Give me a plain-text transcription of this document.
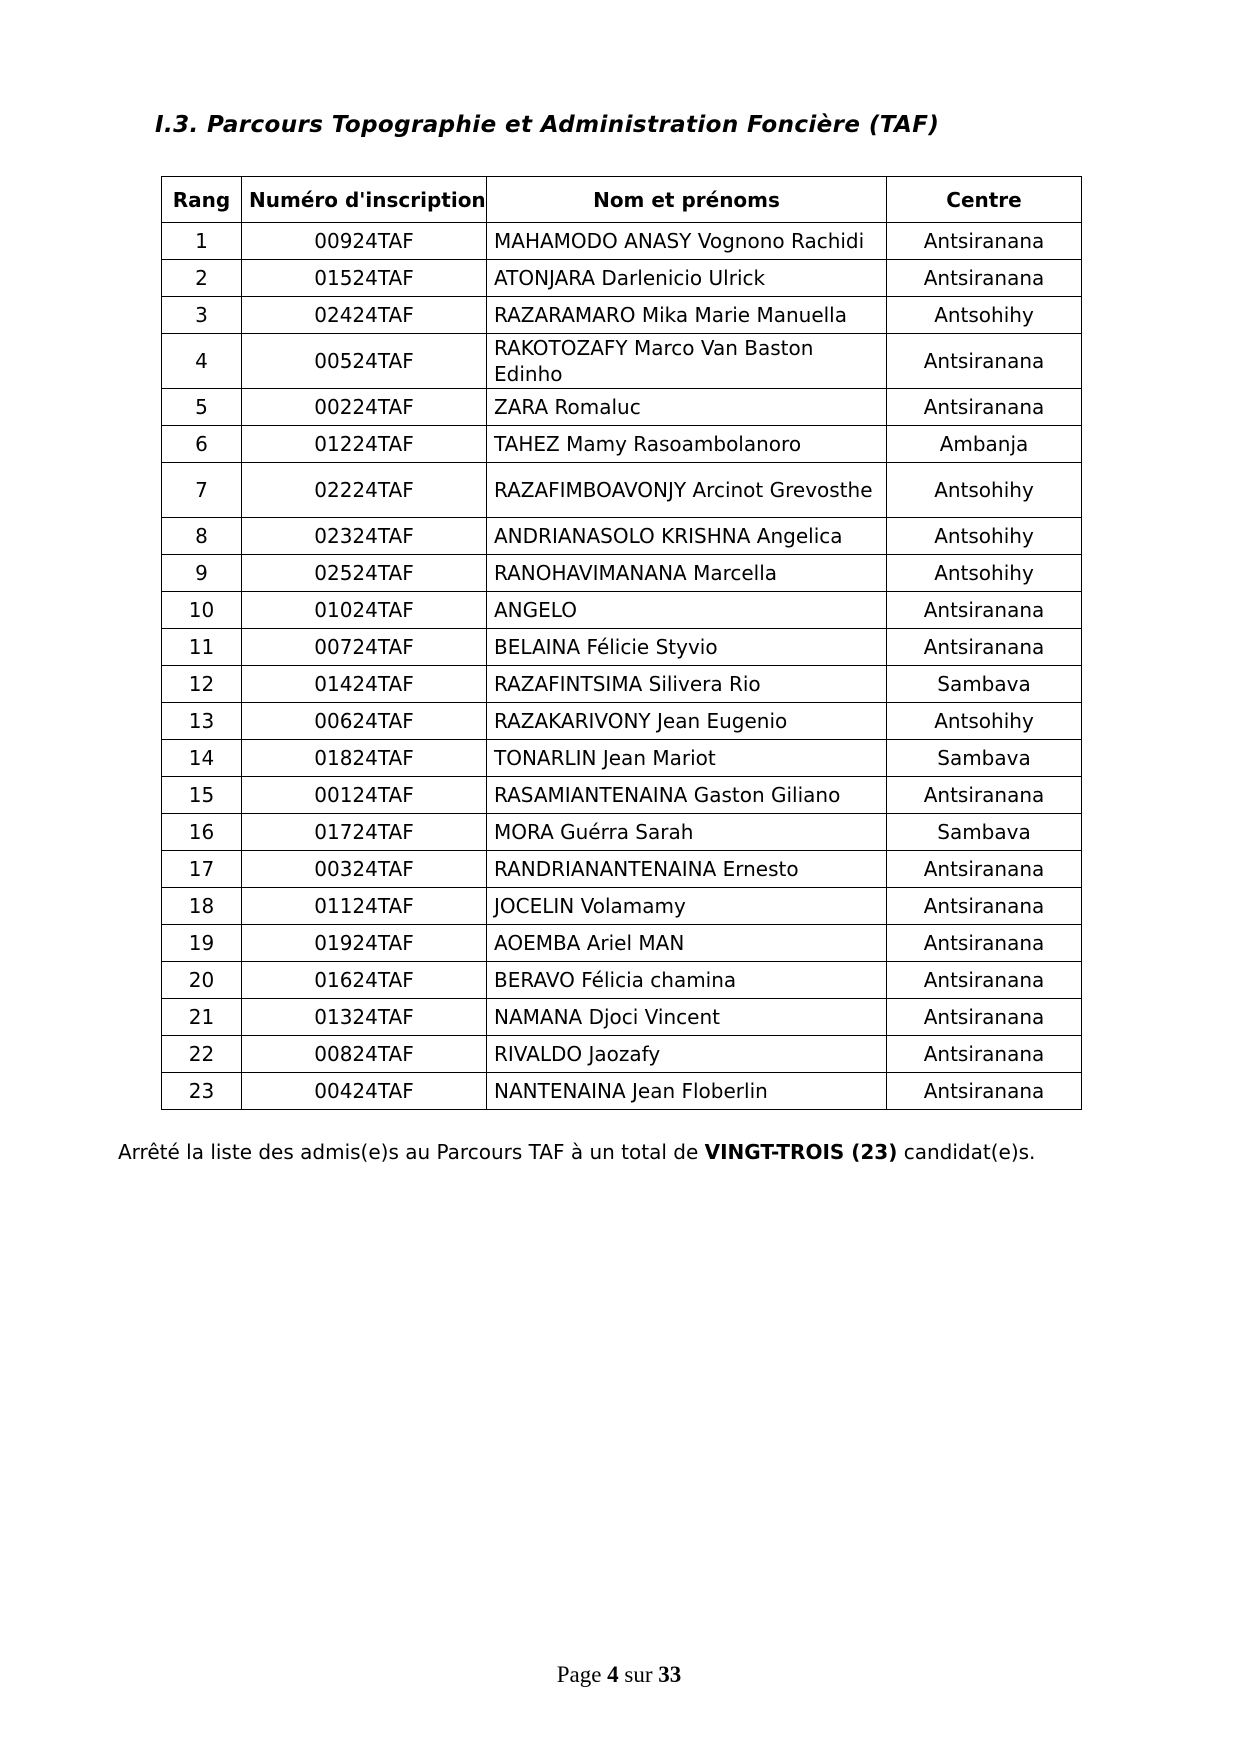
I.3. Parcours Topographie et Administration Foncière (TAF)
Rang	Numéro d'inscription	Nom et prénoms	Centre
1	00924TAF	MAHAMODO ANASY Vognono Rachidi	Antsiranana
2	01524TAF	ATONJARA Darlenicio Ulrick	Antsiranana
3	02424TAF	RAZARAMARO Mika Marie Manuella	Antsohihy
4	00524TAF	RAKOTOZAFY Marco Van Baston Edinho	Antsiranana
5	00224TAF	ZARA Romaluc	Antsiranana
6	01224TAF	TAHEZ Mamy Rasoambolanoro	Ambanja
7	02224TAF	RAZAFIMBOAVONJY Arcinot Grevosthe	Antsohihy
8	02324TAF	ANDRIANASOLO KRISHNA Angelica	Antsohihy
9	02524TAF	RANOHAVIMANANA Marcella	Antsohihy
10	01024TAF	ANGELO	Antsiranana
11	00724TAF	BELAINA Félicie Styvio	Antsiranana
12	01424TAF	RAZAFINTSIMA Silivera Rio	Sambava
13	00624TAF	RAZAKARIVONY Jean Eugenio	Antsohihy
14	01824TAF	TONARLIN Jean Mariot	Sambava
15	00124TAF	RASAMIANTENAINA Gaston Giliano	Antsiranana
16	01724TAF	MORA Guérra Sarah	Sambava
17	00324TAF	RANDRIANANTENAINA Ernesto	Antsiranana
18	01124TAF	JOCELIN Volamamy	Antsiranana
19	01924TAF	AOEMBA Ariel MAN	Antsiranana
20	01624TAF	BERAVO Félicia chamina	Antsiranana
21	01324TAF	NAMANA Djoci Vincent	Antsiranana
22	00824TAF	RIVALDO Jaozafy	Antsiranana
23	00424TAF	NANTENAINA Jean Floberlin	Antsiranana
Arrêté la liste des admis(e)s au Parcours TAF à un total de VINGT-TROIS (23) candidat(e)s.
Page 4 sur 33
